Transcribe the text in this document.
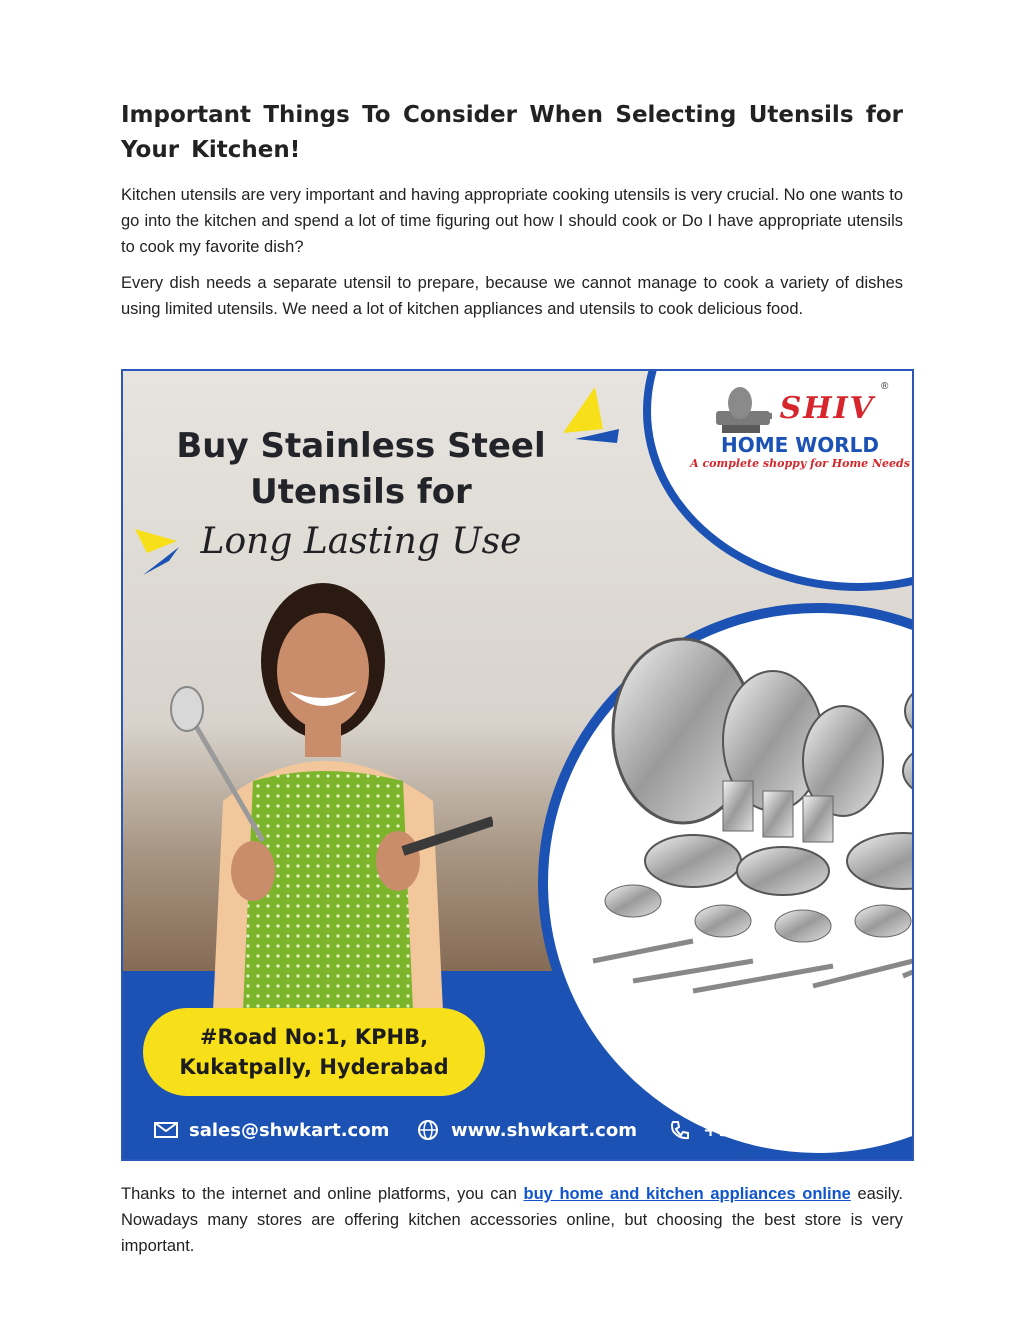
Important Things To Consider When Selecting Utensils for Your Kitchen!

Kitchen utensils are very important and having appropriate cooking utensils is very crucial. No one wants to go into the kitchen and spend a lot of time figuring out how I should cook or Do I have appropriate utensils to cook my favorite dish?

Every dish needs a separate utensil to prepare, because we cannot manage to cook a variety of dishes using limited utensils. We need a lot of kitchen appliances and utensils to cook delicious food.

Buy Stainless Steel
Utensils for
Long Lasting Use
SHIV
®
HOME WORLD
A complete shoppy for Home Needs
#Road No:1, KPHB,
Kukatpally, Hyderabad
sales@shwkart.com	www.shwkart.com	+91 9133704440

Thanks to the internet and online platforms, you can buy home and kitchen appliances online easily. Nowadays many stores are offering kitchen accessories online, but choosing the best store is very important.
